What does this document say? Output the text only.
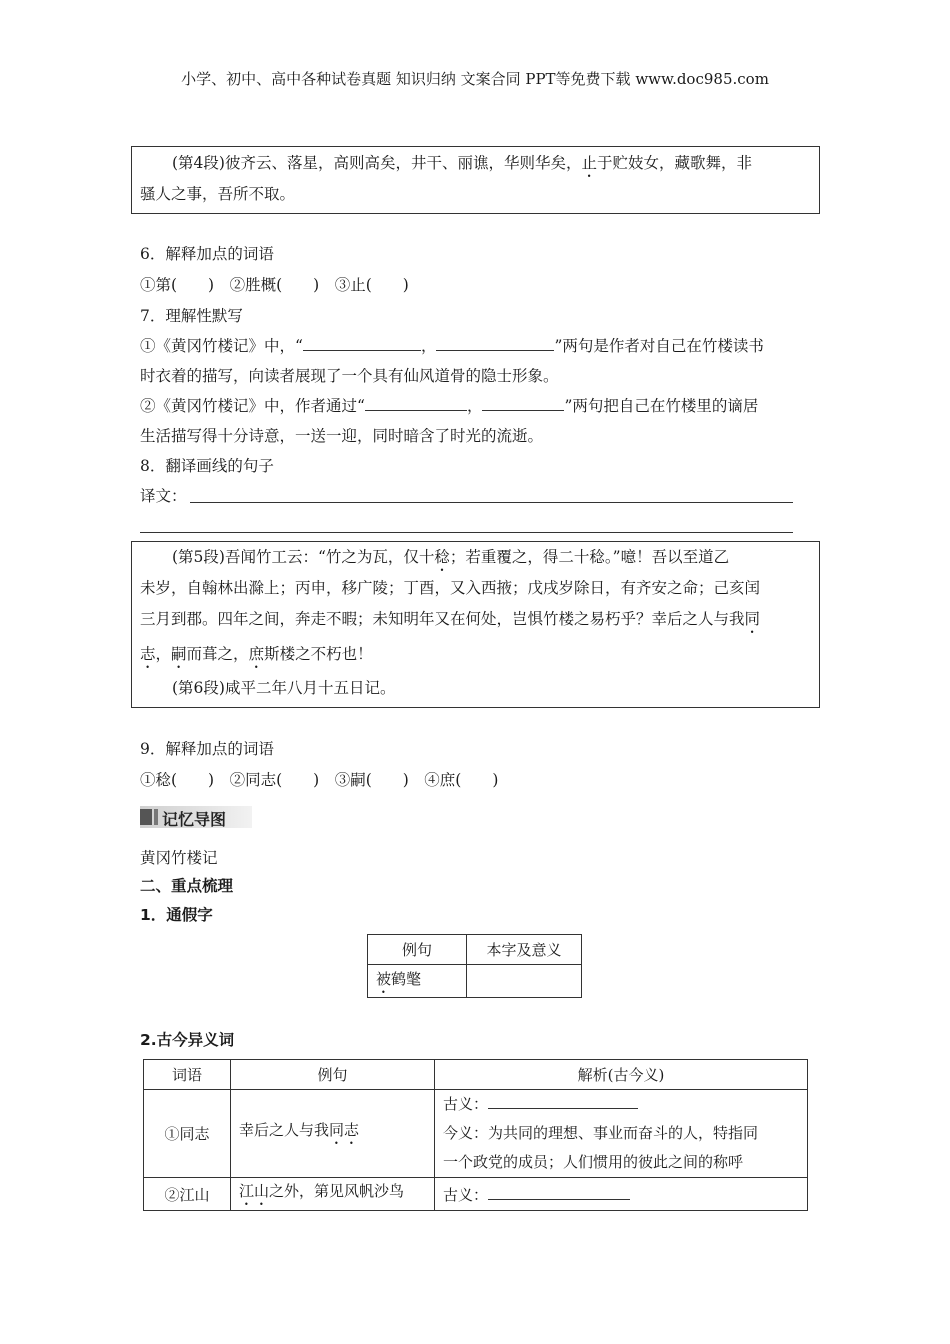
小学、初中、高中各种试卷真题 知识归纳 文案合同 PPT等免费下载 www.doc985.com
(第4段)彼齐云、落星，高则高矣，井干、丽谯，华则华矣，止于贮妓女，藏歌舞，非
骚人之事，吾所不取。
6．解释加点的词语
①第(　　)　②胜概(　　)　③止(　　)
7．理解性默写
①《黄冈竹楼记》中，“	，	”两句是作者对自己在竹楼读书
时衣着的描写，向读者展现了一个具有仙风道骨的隐士形象。
②《黄冈竹楼记》中，作者通过“	，	”两句把自己在竹楼里的谪居
生活描写得十分诗意，一送一迎，同时暗含了时光的流逝。
8．翻译画线的句子
译文：
(第5段)吾闻竹工云：“竹之为瓦，仅十稔；若重覆之，得二十稔。”噫！吾以至道乙
未岁，自翰林出滁上；丙申，移广陵；丁酉，又入西掖；戊戌岁除日，有齐安之命；己亥闰
三月到郡。四年之间，奔走不暇；未知明年又在何处，岂惧竹楼之易朽乎？幸后之人与我同
志，嗣而葺之，庶斯楼之不朽也！
(第6段)咸平二年八月十五日记。
9．解释加点的词语
①稔(　　)　②同志(　　)　③嗣(　　)　④庶(　　)
记忆导图
黄冈竹楼记
二、重点梳理
1．通假字
例句	本字及意义
被鹤氅	
2.古今异义词
词语	例句	解析(古今义)
①同志	幸后之人与我同志	古义：
今义：为共同的理想、事业而奋斗的人，特指同
一个政党的成员；人们惯用的彼此之间的称呼

②江山	江山之外，第见风帆沙鸟	古义：
